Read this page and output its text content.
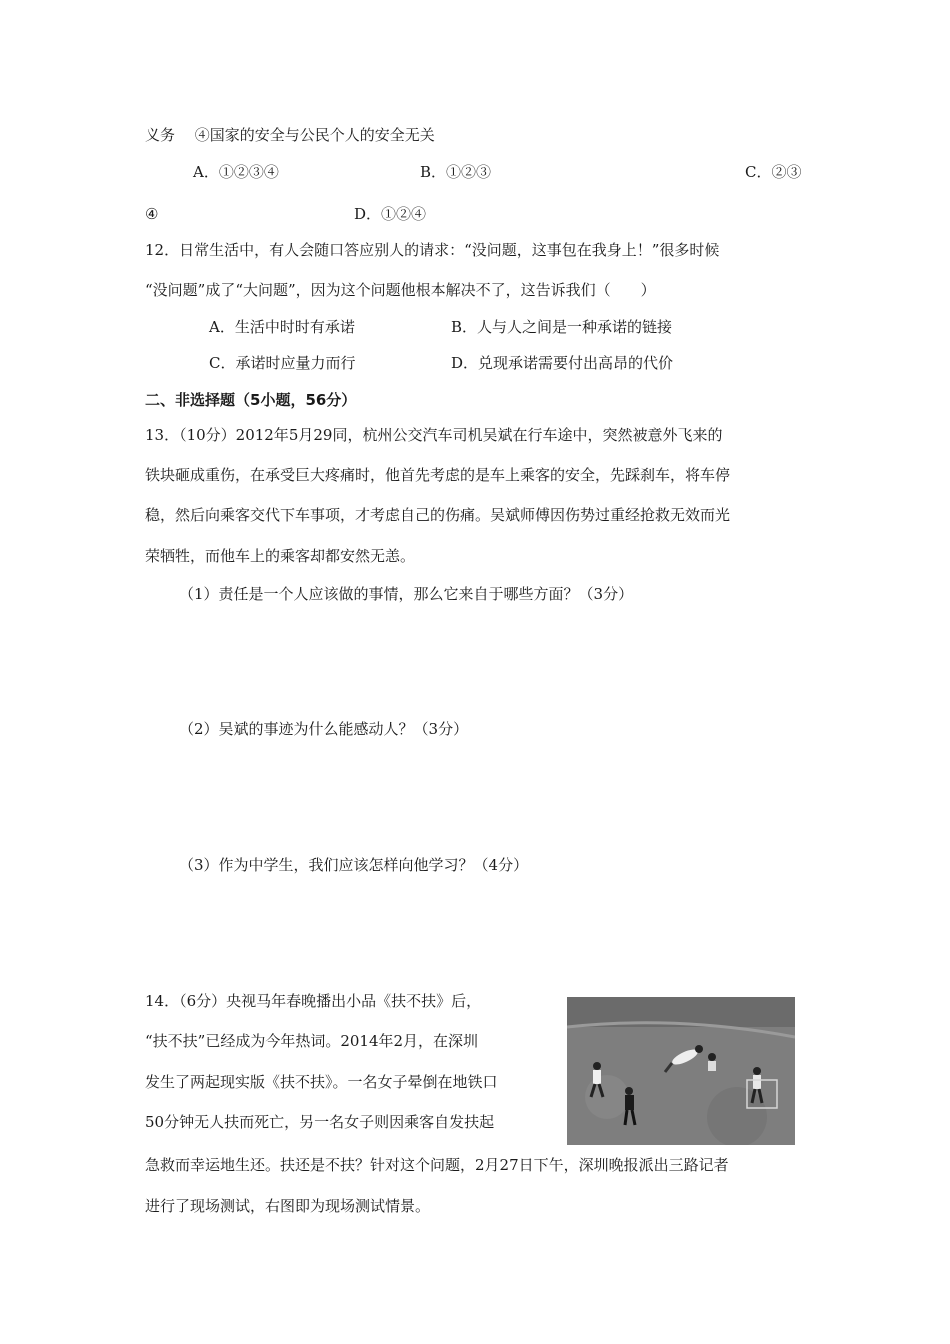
义务　 ④国家的安全与公民个人的安全无关
A．①②③④	B．①②③	C．②③
④	D．①②④
12．日常生活中，有人会随口答应别人的请求：“没问题，这事包在我身上！”很多时候
“没问题”成了“大问题”，因为这个问题他根本解决不了，这告诉我们（　　）
A．生活中时时有承诺	B．人与人之间是一种承诺的链接
C．承诺时应量力而行	D．兑现承诺需要付出高昂的代价
二、非选择题（5小题，56分）
13．（10分）2012年5月29同，杭州公交汽车司机吴斌在行车途中，突然被意外飞来的
铁块砸成重伤，在承受巨大疼痛时，他首先考虑的是车上乘客的安全，先踩刹车，将车停
稳，然后向乘客交代下车事项，才考虑自己的伤痛。吴斌师傅因伤势过重经抢救无效而光
荣牺牲，而他车上的乘客却都安然无恙。
（1）责任是一个人应该做的事情，那么它来自于哪些方面？（3分）
（2）吴斌的事迹为什么能感动人？（3分）
（3）作为中学生，我们应该怎样向他学习？（4分）
14．（6分）央视马年春晚播出小品《扶不扶》后，
“扶不扶”已经成为今年热词。2014年2月，在深圳
发生了两起现实版《扶不扶》。一名女子晕倒在地铁口
50分钟无人扶而死亡，另一名女子则因乘客自发扶起
急救而幸运地生还。扶还是不扶？针对这个问题，2月27日下午，深圳晚报派出三路记者
进行了现场测试，右图即为现场测试情景。
